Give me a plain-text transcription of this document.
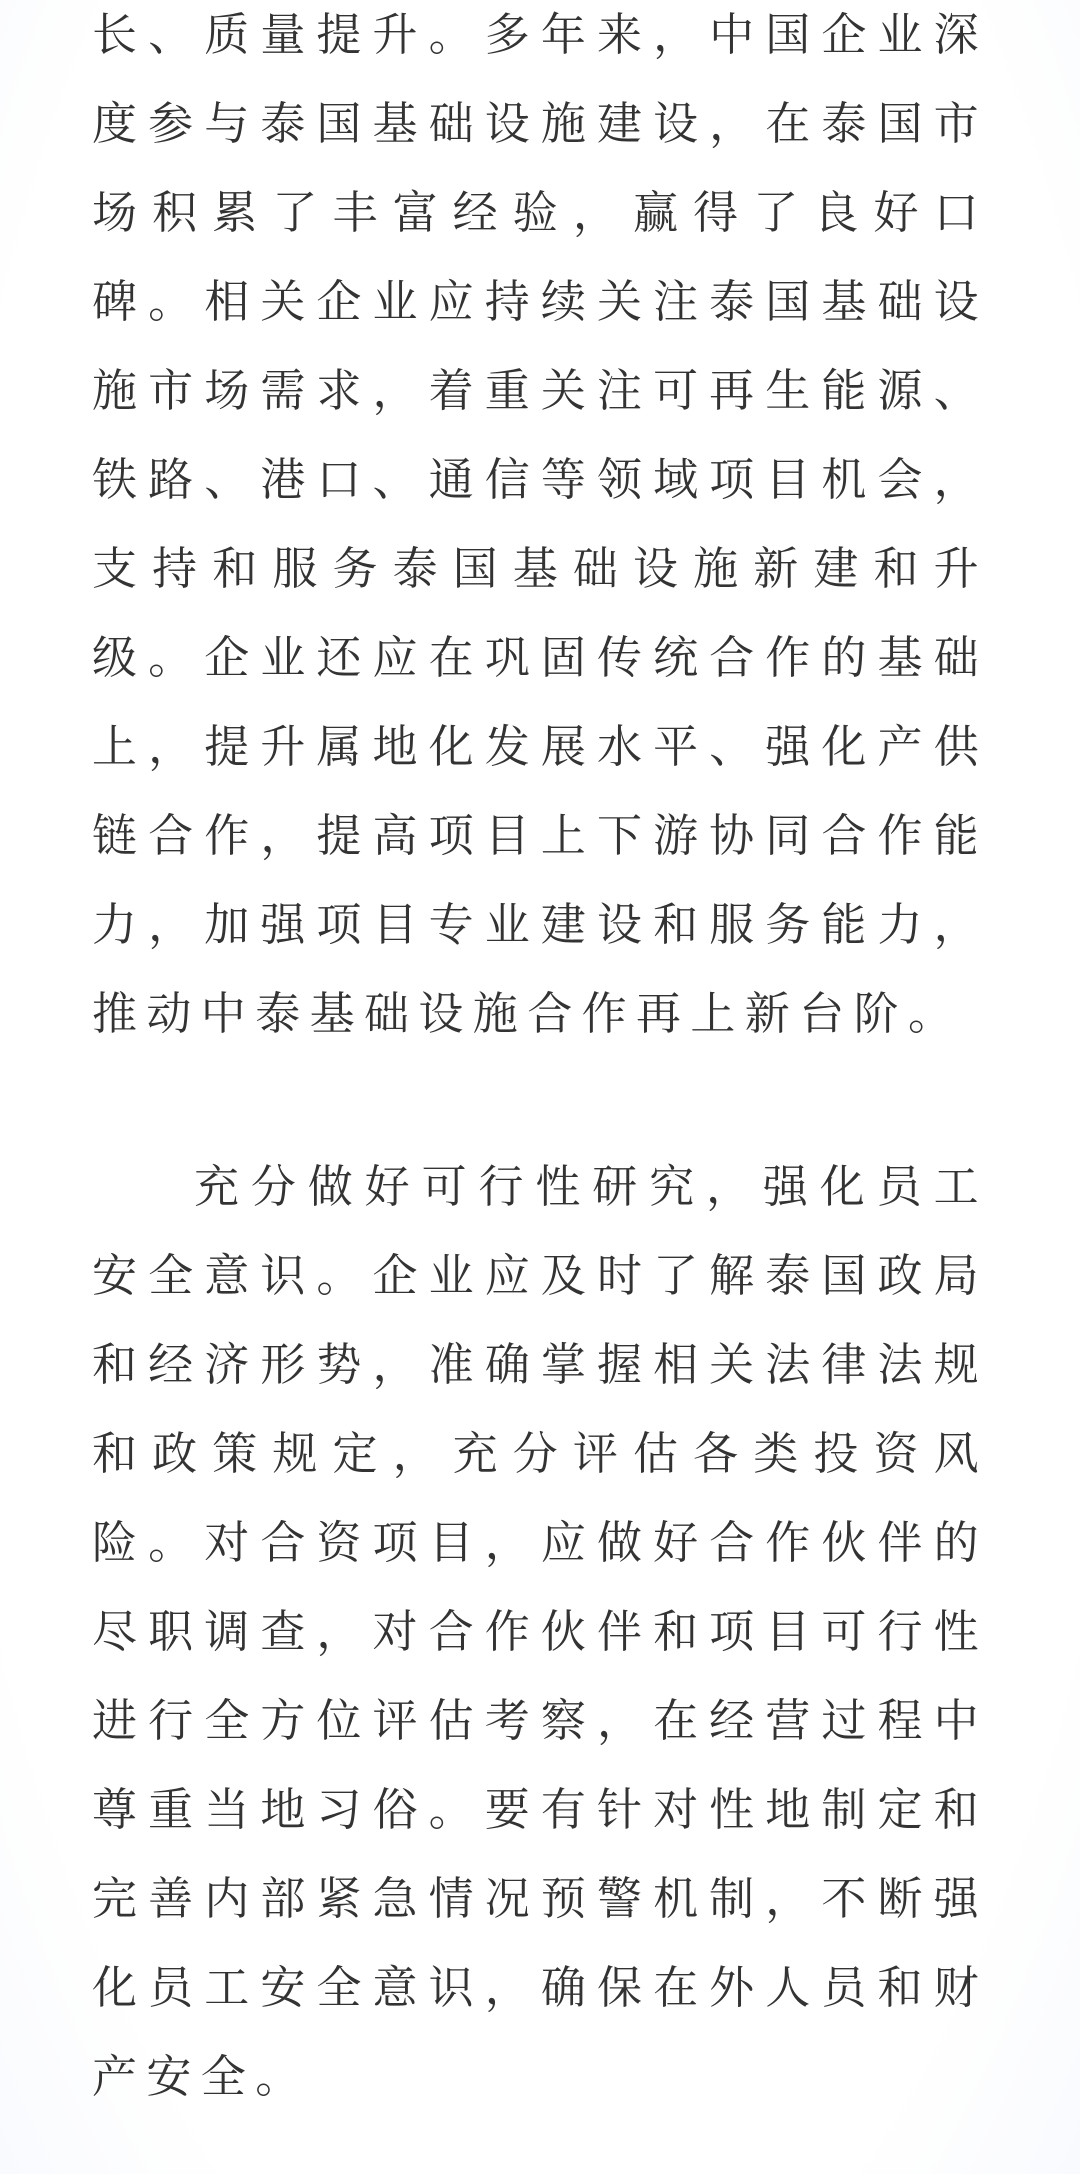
长、质量提升。多年来，中国企业深度参与泰国基础设施建设，在泰国市场积累了丰富经验，赢得了良好口碑。相关企业应持续关注泰国基础设施市场需求，着重关注可再生能源、铁路、港口、通信等领域项目机会，支持和服务泰国基础设施新建和升级。企业还应在巩固传统合作的基础上，提升属地化发展水平、强化产供链合作，提高项目上下游协同合作能力，加强项目专业建设和服务能力，推动中泰基础设施合作再上新台阶。

充分做好可行性研究，强化员工安全意识。企业应及时了解泰国政局和经济形势，准确掌握相关法律法规和政策规定，充分评估各类投资风险。对合资项目，应做好合作伙伴的尽职调查，对合作伙伴和项目可行性进行全方位评估考察，在经营过程中尊重当地习俗。要有针对性地制定和完善内部紧急情况预警机制，不断强化员工安全意识，确保在外人员和财产安全。
